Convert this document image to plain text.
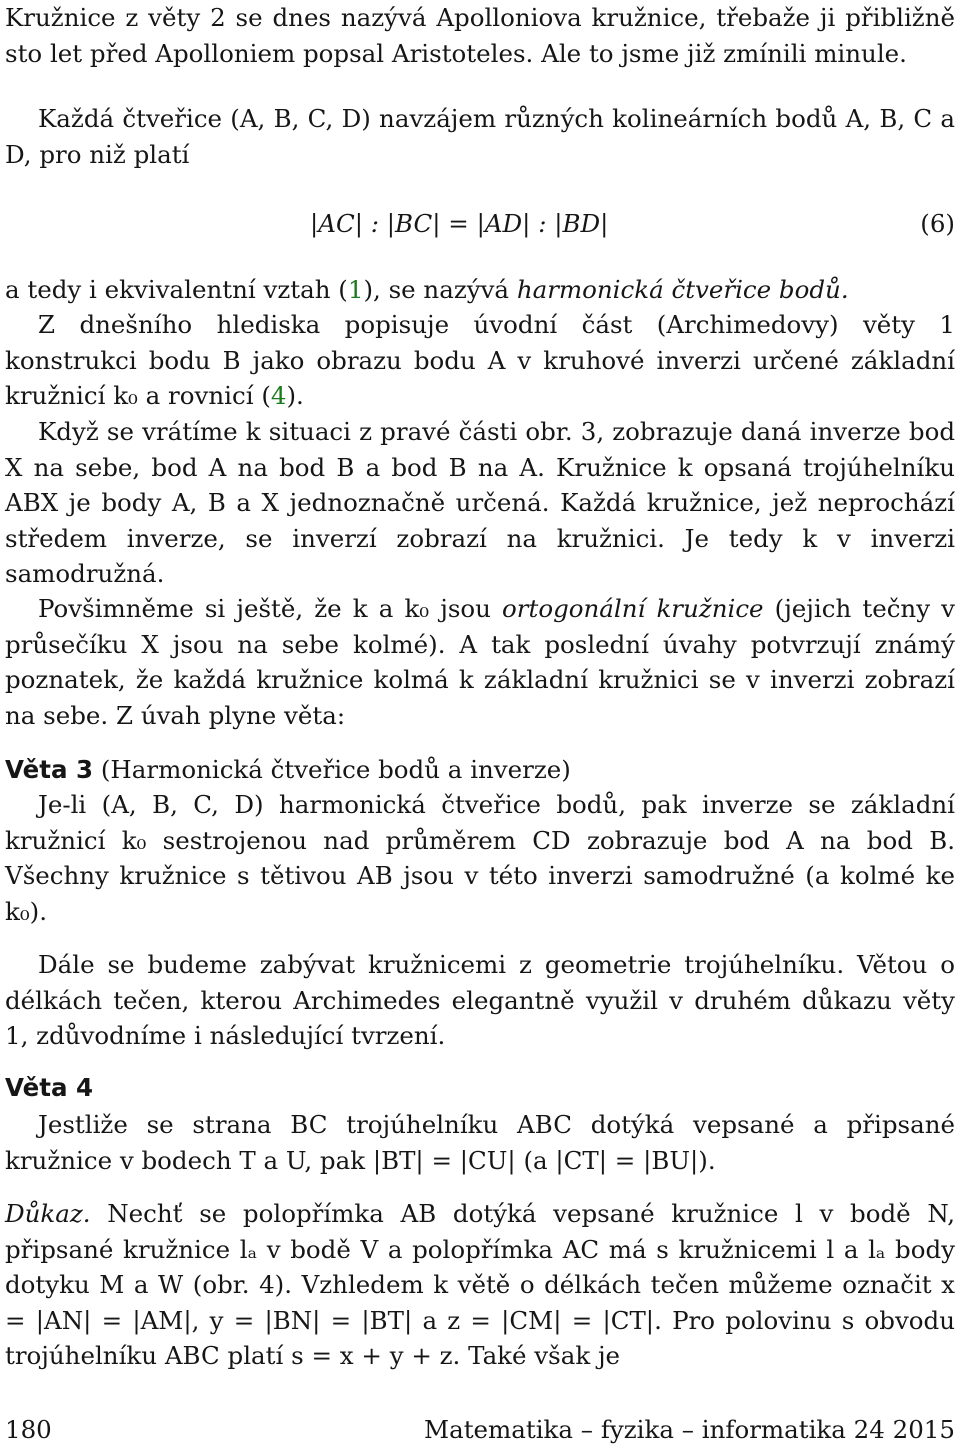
Kružnice z věty 2 se dnes nazývá Apolloniova kružnice, třebaže ji přibližně sto let před Apolloniem popsal Aristoteles. Ale to jsme již zmínili minule.

Každá čtveřice (A, B, C, D) navzájem různých kolineárních bodů A, B, C a D, pro niž platí

|AC| : |BC| = |AD| : |BD|	(6)

a tedy i ekvivalentní vztah (1), se nazývá harmonická čtveřice bodů.

Z dnešního hlediska popisuje úvodní část (Archimedovy) věty 1 konstrukci bodu B jako obrazu bodu A v kruhové inverzi určené základní kružnicí k₀ a rovnicí (4).

Když se vrátíme k situaci z pravé části obr. 3, zobrazuje daná inverze bod X na sebe, bod A na bod B a bod B na A. Kružnice k opsaná trojúhelníku ABX je body A, B a X jednoznačně určená. Každá kružnice, jež neprochází středem inverze, se inverzí zobrazí na kružnici. Je tedy k v inverzi samodružná.

Povšimněme si ještě, že k a k₀ jsou ortogonální kružnice (jejich tečny v průsečíku X jsou na sebe kolmé). A tak poslední úvahy potvrzují známý poznatek, že každá kružnice kolmá k základní kružnici se v inverzi zobrazí na sebe. Z úvah plyne věta:

Věta 3 (Harmonická čtveřice bodů a inverze)

Je-li (A, B, C, D) harmonická čtveřice bodů, pak inverze se základní kružnicí k₀ sestrojenou nad průměrem CD zobrazuje bod A na bod B. Všechny kružnice s tětivou AB jsou v této inverzi samodružné (a kolmé ke k₀).

Dále se budeme zabývat kružnicemi z geometrie trojúhelníku. Větou o délkách tečen, kterou Archimedes elegantně využil v druhém důkazu věty 1, zdůvodníme i následující tvrzení.

Věta 4

Jestliže se strana BC trojúhelníku ABC dotýká vepsané a připsané kružnice v bodech T a U, pak |BT| = |CU| (a |CT| = |BU|).

Důkaz. Nechť se polopřímka AB dotýká vepsané kružnice l v bodě N, připsané kružnice lₐ v bodě V a polopřímka AC má s kružnicemi l a lₐ body dotyku M a W (obr. 4). Vzhledem k větě o délkách tečen můžeme označit x = |AN| = |AM|, y = |BN| = |BT| a z = |CM| = |CT|. Pro polovinu s obvodu trojúhelníku ABC platí s = x + y + z. Také však je

180	Matematika – fyzika – informatika 24 2015
